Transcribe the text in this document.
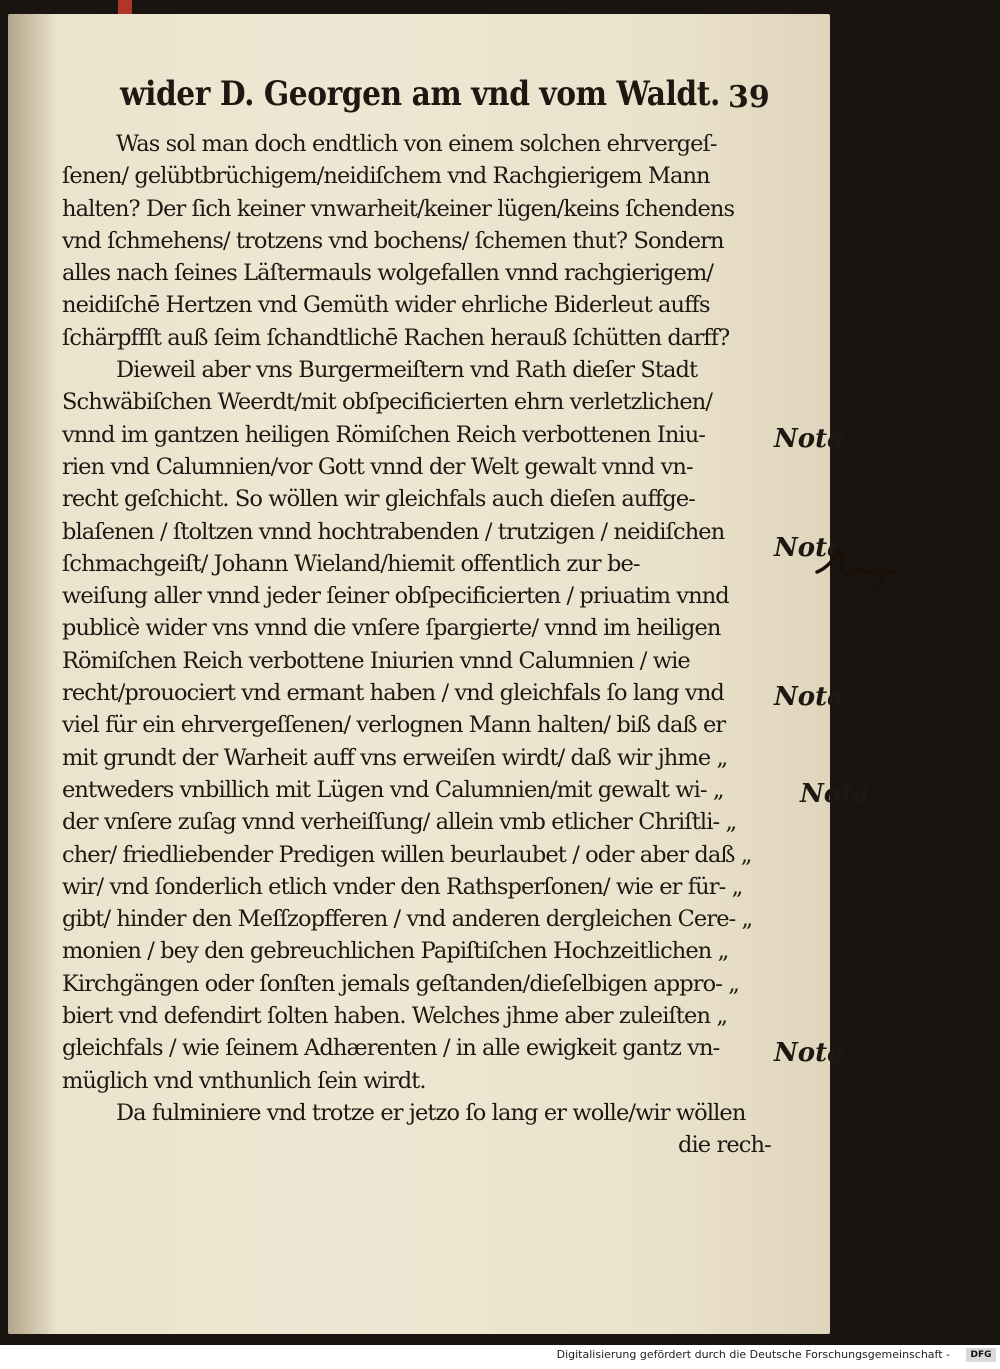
wider D. Georgen am vnd vom Waldt. 39
Was sol man doch endtlich von einem solchen ehrvergeſ‑
ſenen/ gelübtbrüchigem/neidiſchem vnd Rachgierigem Mann
halten? Der ſich keiner vnwarheit/keiner lügen/keins ſchendens
vnd ſchmehens/ trotzens vnd bochens/ ſchemen thut? Sondern
alles nach ſeines Läſtermauls wolgefallen vnnd rachgierigem/
neidiſchē Hertzen vnd Gemüth wider ehrliche Biderleut auffs
ſchärpffſt auß ſeim ſchandtlichē Rachen herauß ſchütten darff?
Dieweil aber vns Burgermeiſtern vnd Rath dieſer Stadt
Schwäbiſchen Weerdt/mit obſpecificierten ehrn verletzlichen/
vnnd im gantzen heiligen Römiſchen Reich verbottenen Iniu‑
rien vnd Calumnien/vor Gott vnnd der Welt gewalt vnnd vn‑
recht geſchicht. So wöllen wir gleichfals auch dieſen auffge‑
blaſenen / ſtoltzen vnnd hochtrabenden / trutzigen / neidiſchen
ſchmachgeiſt/ Johann Wieland/hiemit offentlich zur be‑
weiſung aller vnnd jeder ſeiner obſpecificierten / priuatim vnnd
publicè wider vns vnnd die vnſere ſpargierte/ vnnd im heiligen
Römiſchen Reich verbottene Iniurien vnnd Calumnien / wie
recht/prouociert vnd ermant haben / vnd gleichfals ſo lang vnd
viel für ein ehrvergeſſenen/ verlognen Mann halten/ biß daß er
mit grundt der Warheit auff vns erweiſen wirdt/ daß wir jhme „
entweders vnbillich mit Lügen vnd Calumnien/mit gewalt wi‑ „
der vnſere zuſag vnnd verheiſſung/ allein vmb etlicher Chriſtli‑ „
cher/ friedliebender Predigen willen beurlaubet / oder aber daß „
wir/ vnd ſonderlich etlich vnder den Rathsperſonen/ wie er für‑ „
gibt/ hinder den Meſſzopfferen / vnd anderen dergleichen Cere‑ „
monien / bey den gebreuchlichen Papiſtiſchen Hochzeitlichen „
Kirchgängen oder ſonſten jemals geſtanden/dieſelbigen appro‑ „
biert vnd defendirt ſolten haben. Welches jhme aber zuleiſten „
gleichfals / wie ſeinem Adhærenten / in alle ewigkeit gantz vn‑
müglich vnd vnthunlich ſein wirdt.
Da fulminiere vnd trotze er jetzo ſo lang er wolle/wir wöllen
die rech‑
Nota
Nota
Nota
Nota
Nota
Digitalisierung gefördert durch die Deutsche Forschungsgemeinschaft -	DFG
